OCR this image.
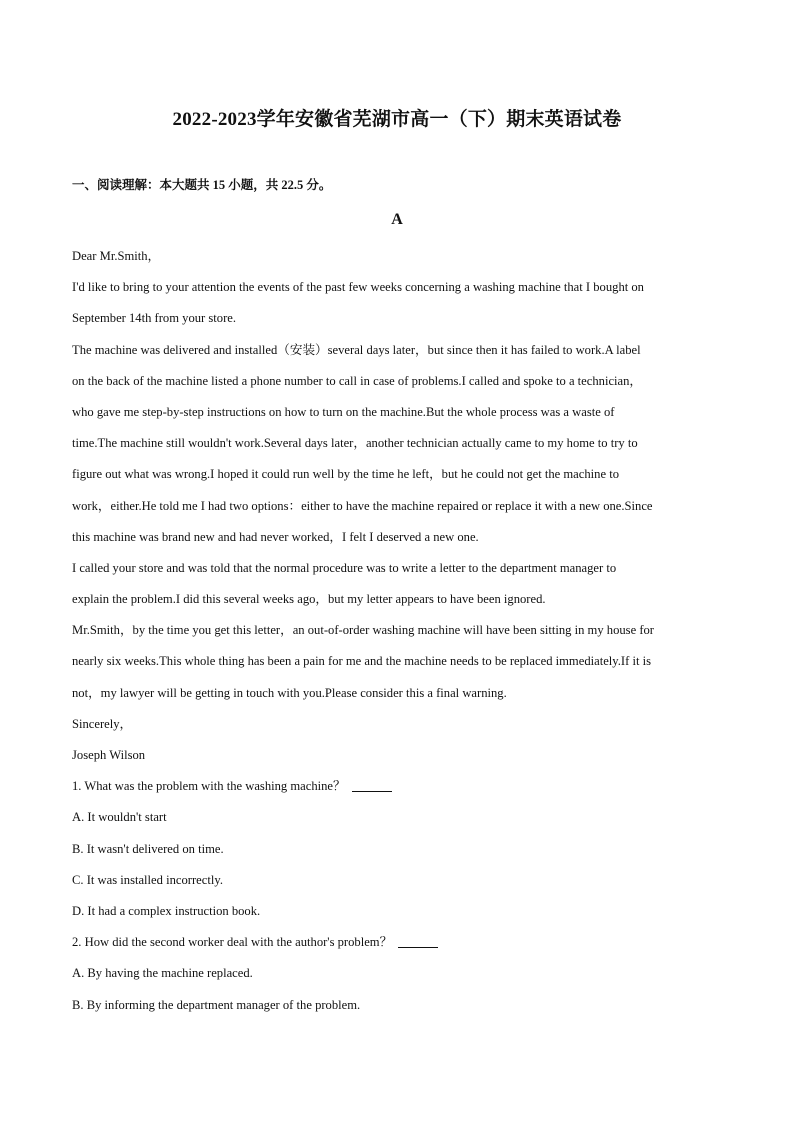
2022-2023学年安徽省芜湖市高一（下）期末英语试卷
一、阅读理解：本大题共 15 小题，共 22.5 分。
A
Dear Mr.Smith，
I'd like to bring to your attention the events of the past few weeks concerning a washing machine that I bought on
September 14th from your store.
The machine was delivered and installed（安装）several days later，but since then it has failed to work.A label
on the back of the machine listed a phone number to call in case of problems.I called and spoke to a technician，
who gave me step-by-step instructions on how to turn on the machine.But the whole process was a waste of
time.The machine still wouldn't work.Several days later，another technician actually came to my home to try to
figure out what was wrong.I hoped it could run well by the time he left，but he could not get the machine to
work，either.He told me I had two options：either to have the machine repaired or replace it with a new one.Since
this machine was brand new and had never worked，I felt I deserved a new one.
I called your store and was told that the normal procedure was to write a letter to the department manager to
explain the problem.I did this several weeks ago，but my letter appears to have been ignored.
Mr.Smith，by the time you get this letter，an out-of-order washing machine will have been sitting in my house for
nearly six weeks.This whole thing has been a pain for me and the machine needs to be replaced immediately.If it is
not，my lawyer will be getting in touch with you.Please consider this a final warning.
Sincerely，
Joseph Wilson
1. What was the problem with the washing machine？
A. It wouldn't start
B. It wasn't delivered on time.
C. It was installed incorrectly.
D. It had a complex instruction book.
2. How did the second worker deal with the author's problem？
A. By having the machine replaced.
B. By informing the department manager of the problem.
